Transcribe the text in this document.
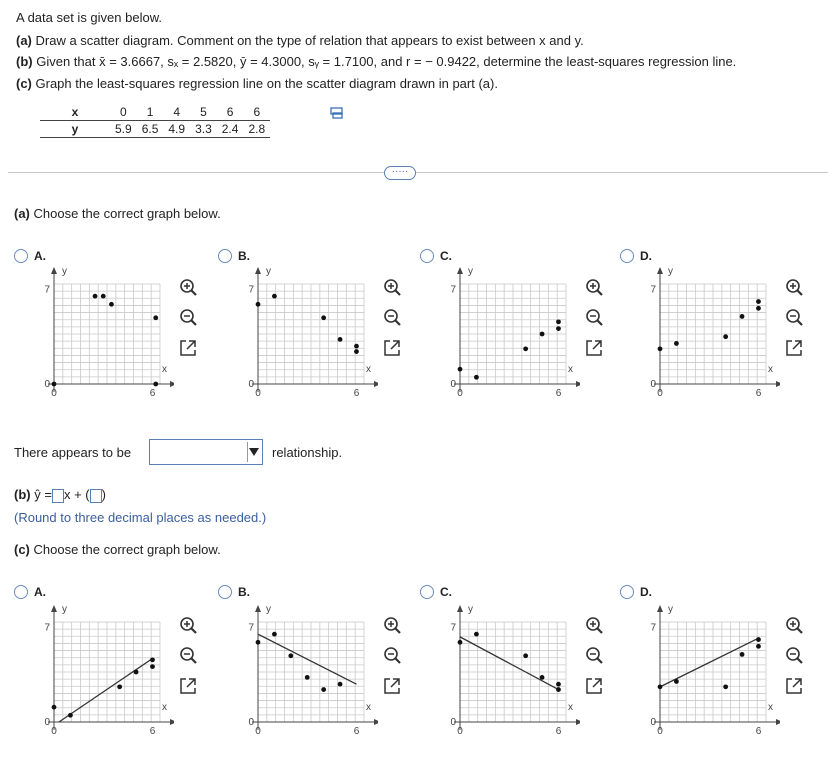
A data set is given below.
(a) Draw a scatter diagram. Comment on the type of relation that appears to exist between x and y.
(b) Given that x̄ = 3.6667, sₓ = 2.5820, ȳ = 4.3000, sᵧ = 1.7100, and r = − 0.9422, determine the least-squares regression line.
(c) Graph the least-squares regression line on the scatter diagram drawn in part (a).
x	0	1	4	5	6	6
y	5.9	6.5	4.9	3.3	2.4	2.8
·····
(a) Choose the correct graph below.
A.
y
x
7
0
0	6
B.
y
x
7
0
0	6
C.
y
x
7
0
0	6
D.
y
x
7
0
0	6
There appears to be	relationship.
(b) ŷ = x + ( )
(Round to three decimal places as needed.)
(c) Choose the correct graph below.
A.
y
x
7
0
0	6
B.
y
x
7
0
0	6
C.
y
x
7
0
0	6
D.
y
x
7
0
0	6
